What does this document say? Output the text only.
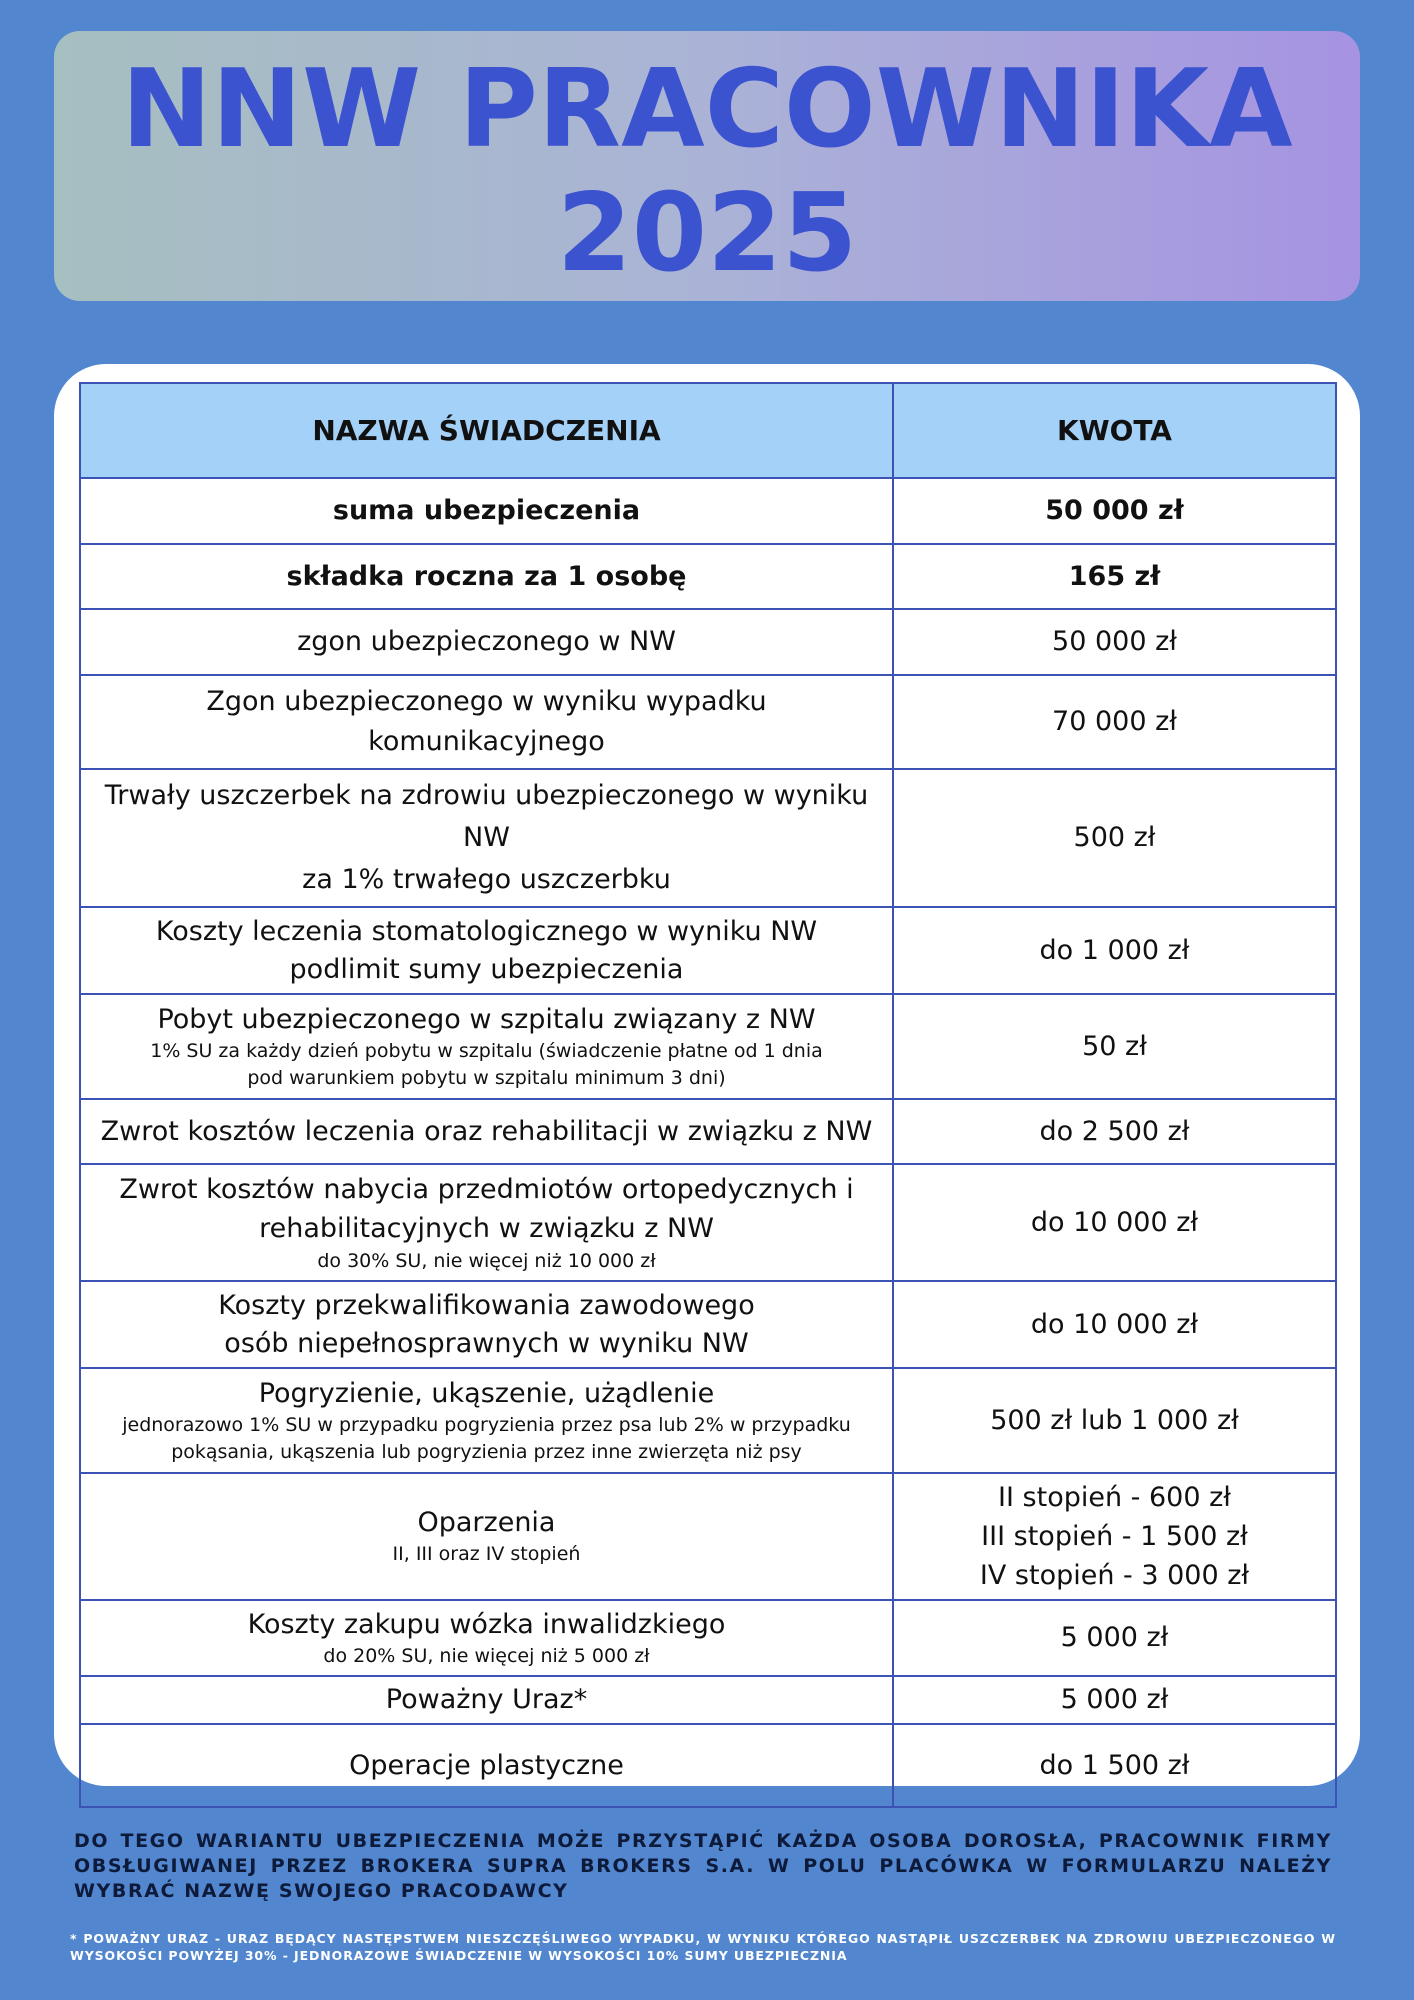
NNW PRACOWNIKA
2025
NAZWA ŚWIADCZENIA	KWOTA
suma ubezpieczenia	50 000 zł
składka roczna za 1 osobę	165 zł
zgon ubezpieczonego w NW	50 000 zł
Zgon ubezpieczonego w wyniku wypadku komunikacyjnego	70 000 zł

Trwały uszczerbek na zdrowiu ubezpieczonego w wyniku NW
za 1% trwałego uszczerbku	500 zł

Koszty leczenia stomatologicznego w wyniku NW
podlimit sumy ubezpieczenia	do 1 000 zł
Pobyt ubezpieczonego w szpitalu związany z NW
1% SU za każdy dzień pobytu w szpitalu (świadczenie płatne od 1 dnia pod warunkiem pobytu w szpitalu minimum 3 dni)	50 zł
Zwrot kosztów leczenia oraz rehabilitacji w związku z NW	do 2 500 zł
Zwrot kosztów nabycia przedmiotów ortopedycznych i rehabilitacyjnych w związku z NW
do 30% SU, nie więcej niż 10 000 zł	do 10 000 zł
Koszty przekwalifikowania zawodowego osób niepełnosprawnych w wyniku NW	do 10 000 zł
Pogryzienie, ukąszenie, użądlenie
jednorazowo 1% SU w przypadku pogryzienia przez psa lub 2% w przypadku pokąsania, ukąszenia lub pogryzienia przez inne zwierzęta niż psy	500 zł lub 1 000 zł
Oparzenia
II, III oraz IV stopień	II stopień - 600 zł
III stopień - 1 500 zł
IV stopień - 3 000 zł

Koszty zakupu wózka inwalidzkiego
do 20% SU, nie więcej niż 5 000 zł	5 000 zł
Poważny Uraz*	5 000 zł
Operacje plastyczne	do 1 500 zł

DO TEGO WARIANTU UBEZPIECZENIA MOŻE PRZYSTĄPIĆ KAŻDA OSOBA DOROSŁA, PRACOWNIK FIRMY OBSŁUGIWANEJ PRZEZ BROKERA SUPRA BROKERS S.A. W POLU PLACÓWKA W FORMULARZU NALEŻY WYBRAĆ NAZWĘ SWOJEGO PRACODAWCY

* POWAŻNY URAZ - URAZ BĘDĄCY NASTĘPSTWEM NIESZCZĘŚLIWEGO WYPADKU, W WYNIKU KTÓREGO NASTĄPIŁ USZCZERBEK NA ZDROWIU UBEZPIECZONEGO W WYSOKOŚCI POWYŻEJ 30% - JEDNORAZOWE ŚWIADCZENIE W WYSOKOŚCI 10% SUMY UBEZPIECZNIA
